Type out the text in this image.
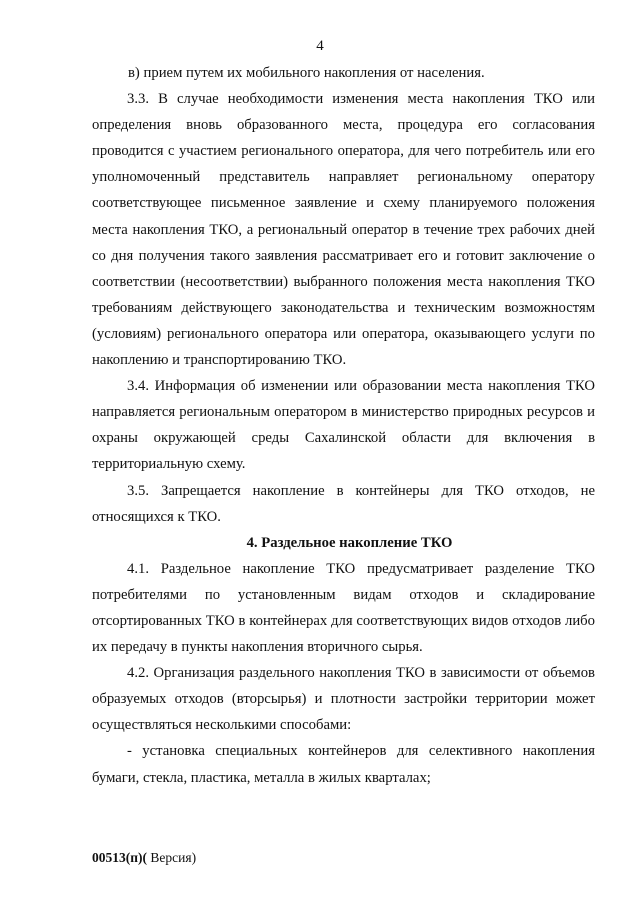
4

в) прием путем их мобильного накопления от населения.

3.3. В случае необходимости изменения места накопления ТКО или определения вновь образованного места, процедура его согласования проводится с участием регионального оператора, для чего потребитель или его уполномоченный представитель направляет региональному оператору соответствующее письменное заявление и схему планируемого положения места накопления ТКО, а региональный оператор в течение трех рабочих дней со дня получения такого заявления рассматривает его и готовит заключение о соответствии (несоответствии) выбранного положения места накопления ТКО требованиям действующего законодательства и техническим возможностям (условиям) регионального оператора или оператора, оказывающего услуги по накоплению и транспортированию ТКО.

3.4. Информация об изменении или образовании места накопления ТКО направляется региональным оператором в министерство природных ресурсов и охраны окружающей среды Сахалинской области для включения в территориальную схему.

3.5. Запрещается накопление в контейнеры для ТКО отходов, не относящихся к ТКО.

4. Раздельное накопление ТКО

4.1. Раздельное накопление ТКО предусматривает разделение ТКО потребителями по установленным видам отходов и складирование отсортированных ТКО в контейнерах для соответствующих видов отходов либо их передачу в пункты накопления вторичного сырья.

4.2. Организация раздельного накопления ТКО в зависимости от объемов образуемых отходов (вторсырья) и плотности застройки территории может осуществляться несколькими способами:

- установка специальных контейнеров для селективного накопления бумаги, стекла, пластика, металла в жилых кварталах;

00513(п)( Версия)
